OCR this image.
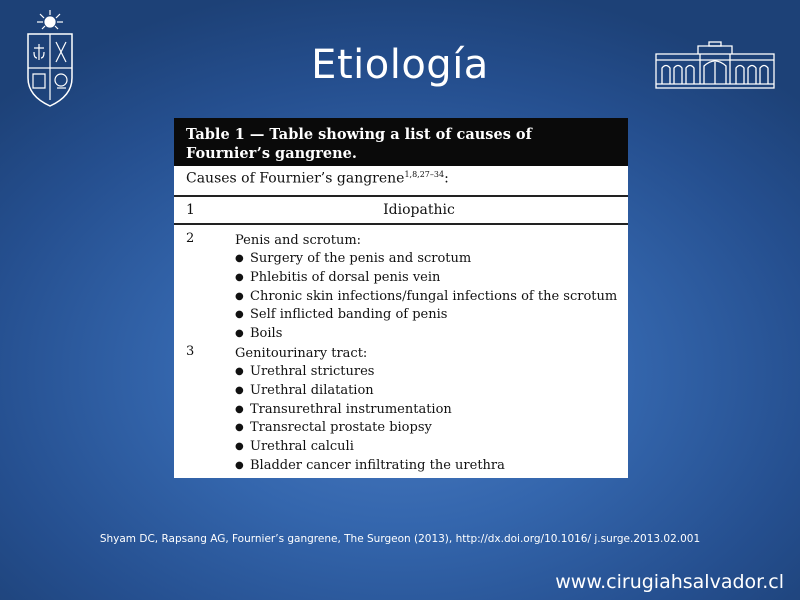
Etiología
Table 1 — Table showing a list of causes of Fournier’s gangrene.
Causes of Fournier’s gangrene$^{1,8,27-34}$:
1	Idiopathic
2	Penis and scrotum:
● Surgery of the penis and scrotum
● Phlebitis of dorsal penis vein
● Chronic skin infections/fungal infections of the scrotum
● Self inflicted banding of penis
● Boils
3	Genitourinary tract:
● Urethral strictures
● Urethral dilatation
● Transurethral instrumentation
● Transrectal prostate biopsy
● Urethral calculi
● Bladder cancer infiltrating the urethra
Shyam DC, Rapsang AG, Fournier’s gangrene, The Surgeon (2013), http://dx.doi.org/10.1016/ j.surge.2013.02.001
www.cirugiahsalvador.cl
